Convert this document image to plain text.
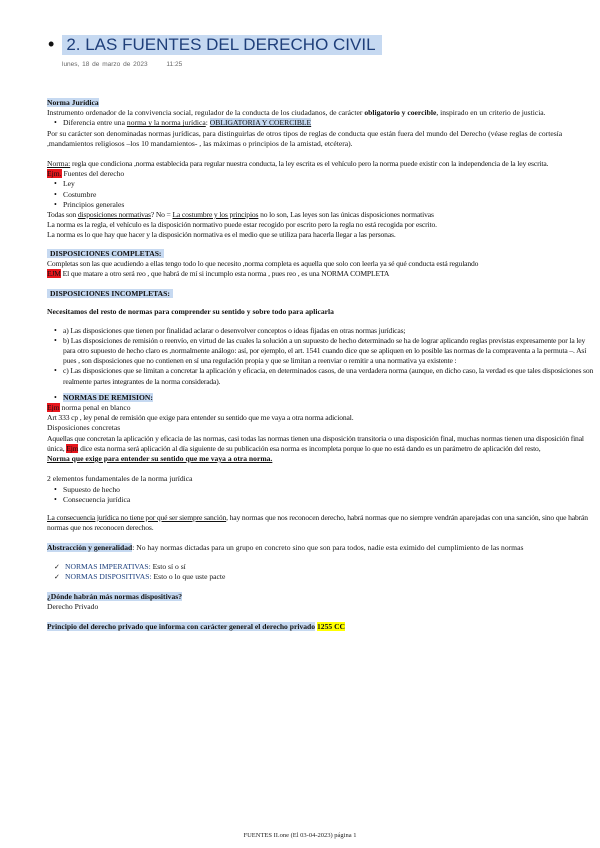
• 2. LAS FUENTES DEL DERECHO CIVIL
lunes, 18 de marzo de 2023	11:25

Norma Jurídica

Instrumento ordenador de la convivencia social, regulador de la conducta de los ciudadanos, de carácter obligatorio y coercible, inspirado en un criterio de justicia.

• Diferencia entre una norma y la norma jurídica: OBLIGATORIA Y COERCIBLE

Por su carácter son denominadas normas jurídicas, para distinguirlas de otros tipos de reglas de conducta que están fuera del mundo del Derecho (véase reglas de cortesía ,mandamientos religiosos –los 10 mandamientos- , las máximas o principios de la amistad, etcétera).

Norma: regla que condiciona ,norma establecida para regular nuestra conducta, la ley escrita es el vehículo pero la norma puede existir con la independencia de la ley escrita.

Ejm. Fuentes del derecho

• Ley
• Costumbre
• Principios generales

Todas son disposiciones normativas? No = La costumbre y los principios no lo son, Las leyes son las únicas disposiciones normativas

La norma es la regla, el vehículo es la disposición normativo puede estar recogido por escrito pero la regla no está recogida por escrito.

La norma es lo que hay que hacer y la disposición normativa es el medio que se utiliza para hacerla llegar a las personas.

DISPOSICIONES COMPLETAS:

Completas son las que acudiendo a ellas tengo todo lo que necesito ,norma completa es aquella que solo con leerla ya sé qué conducta está regulando

EJM El que matare a otro será reo , que habrá de mí si incumplo esta norma , pues reo , es una NORMA COMPLETA

DISPOSICIONES INCOMPLETAS:

Necesitamos del resto de normas para comprender su sentido y sobre todo para aplicarla

• a) Las disposiciones que tienen por finalidad aclarar o desenvolver conceptos o ideas fijadas en otras normas jurídicas;
• b) Las disposiciones de remisión o reenvío, en virtud de las cuales la solución a un supuesto de hecho determinado se ha de lograr aplicando reglas previstas expresamente por la ley para otro supuesto de hecho claro es ,normalmente análogo: así, por ejemplo, el art. 1541 cuando dice que se apliquen en lo posible las normas de la compraventa a la permuta –. Así pues , son disposiciones que no contienen en sí una regulación propia y que se limitan a reenviar o remitir a una normativa ya existente :
• c) Las disposiciones que se limitan a concretar la aplicación y eficacia, en determinados casos, de una verdadera norma (aunque, en dicho caso, la verdad es que tales disposiciones son realmente partes integrantes de la norma considerada).
• NORMAS DE REMISION:

Ejm norma penal en blanco

Art 333 cp , ley penal de remisión que exige para entender su sentido que me vaya a otra norma adicional.

Disposiciones concretas

Aquellas que concretan la aplicación y eficacia de las normas, casi todas las normas tienen una disposición transitoria o una disposición final, muchas normas tienen una disposición final única, Ejm dice esta norma será aplicación al día siguiente de su publicación esa norma es incompleta porque lo que no está dando es un parámetro de aplicación del resto,

Norma que exige para entender su sentido que me vaya a otra norma.

2 elementos fundamentales de la norma jurídica

• Supuesto de hecho
• Consecuencia jurídica

La consecuencia jurídica no tiene por qué ser siempre sanción, hay normas que nos reconocen derecho, habrá normas que no siempre vendrán aparejadas con una sanción, sino que habrán normas que nos reconocen derechos.

Abstracción y generalidad: No hay normas dictadas para un grupo en concreto sino que son para todos, nadie esta eximido del cumplimiento de las normas

✓ NORMAS IMPERATIVAS: Esto sí o sí
✓ NORMAS DISPOSITIVAS: Esto o lo que uste pacte

¿Dónde habrán más normas dispositivas?

Derecho Privado

Principio del derecho privado que informa con carácter general el derecho privado 1255 CC

FUENTES II.one (El 03-04-2023) página 1
